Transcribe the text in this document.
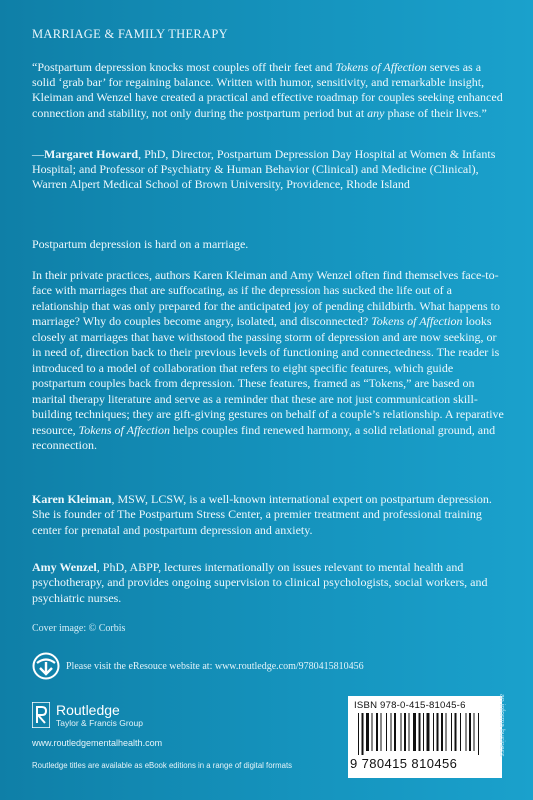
MARRIAGE & FAMILY THERAPY
“Postpartum depression knocks most couples off their feet and Tokens of Affection serves as a solid ‘grab bar’ for regaining balance. Written with humor, sensitivity, and remarkable insight, Kleiman and Wenzel have created a practical and effective roadmap for couples seeking enhanced connection and stability, not only during the postpartum period but at any phase of their lives.”
—Margaret Howard, PhD, Director, Postpartum Depression Day Hospital at Women & Infants Hospital; and Professor of Psychiatry & Human Behavior (Clinical) and Medicine (Clinical), Warren Alpert Medical School of Brown University, Providence, Rhode Island
Postpartum depression is hard on a marriage.
In their private practices, authors Karen Kleiman and Amy Wenzel often find themselves face-to-face with marriages that are suffocating, as if the depression has sucked the life out of a relationship that was only prepared for the anticipated joy of pending childbirth. What happens to marriage? Why do couples become angry, isolated, and disconnected? Tokens of Affection looks closely at marriages that have withstood the passing storm of depression and are now seeking, or in need of, direction back to their previous levels of functioning and connectedness. The reader is introduced to a model of collaboration that refers to eight specific features, which guide postpartum couples back from depression. These features, framed as “Tokens,” are based on marital therapy literature and serve as a reminder that these are not just communication skill-building techniques; they are gift-giving gestures on behalf of a couple’s relationship. A reparative resource, Tokens of Affection helps couples find renewed harmony, a solid relational ground, and reconnection.
Karen Kleiman, MSW, LCSW, is a well-known international expert on postpartum depression. She is founder of The Postpartum Stress Center, a premier treatment and professional training center for prenatal and postpartum depression and anxiety.
Amy Wenzel, PhD, ABPP, lectures internationally on issues relevant to mental health and psychotherapy, and provides ongoing supervision to clinical psychologists, social workers, and psychiatric nurses.
Cover image: © Corbis
Please visit the eResouce website at: www.routledge.com/9780415810456
Routledge
Taylor & Francis Group
www.routledgementalhealth.com
Routledge titles are available as eBook editions in a range of digital formats
ISBN 978-0-415-81045-6
9 780415 810456
an informa business
